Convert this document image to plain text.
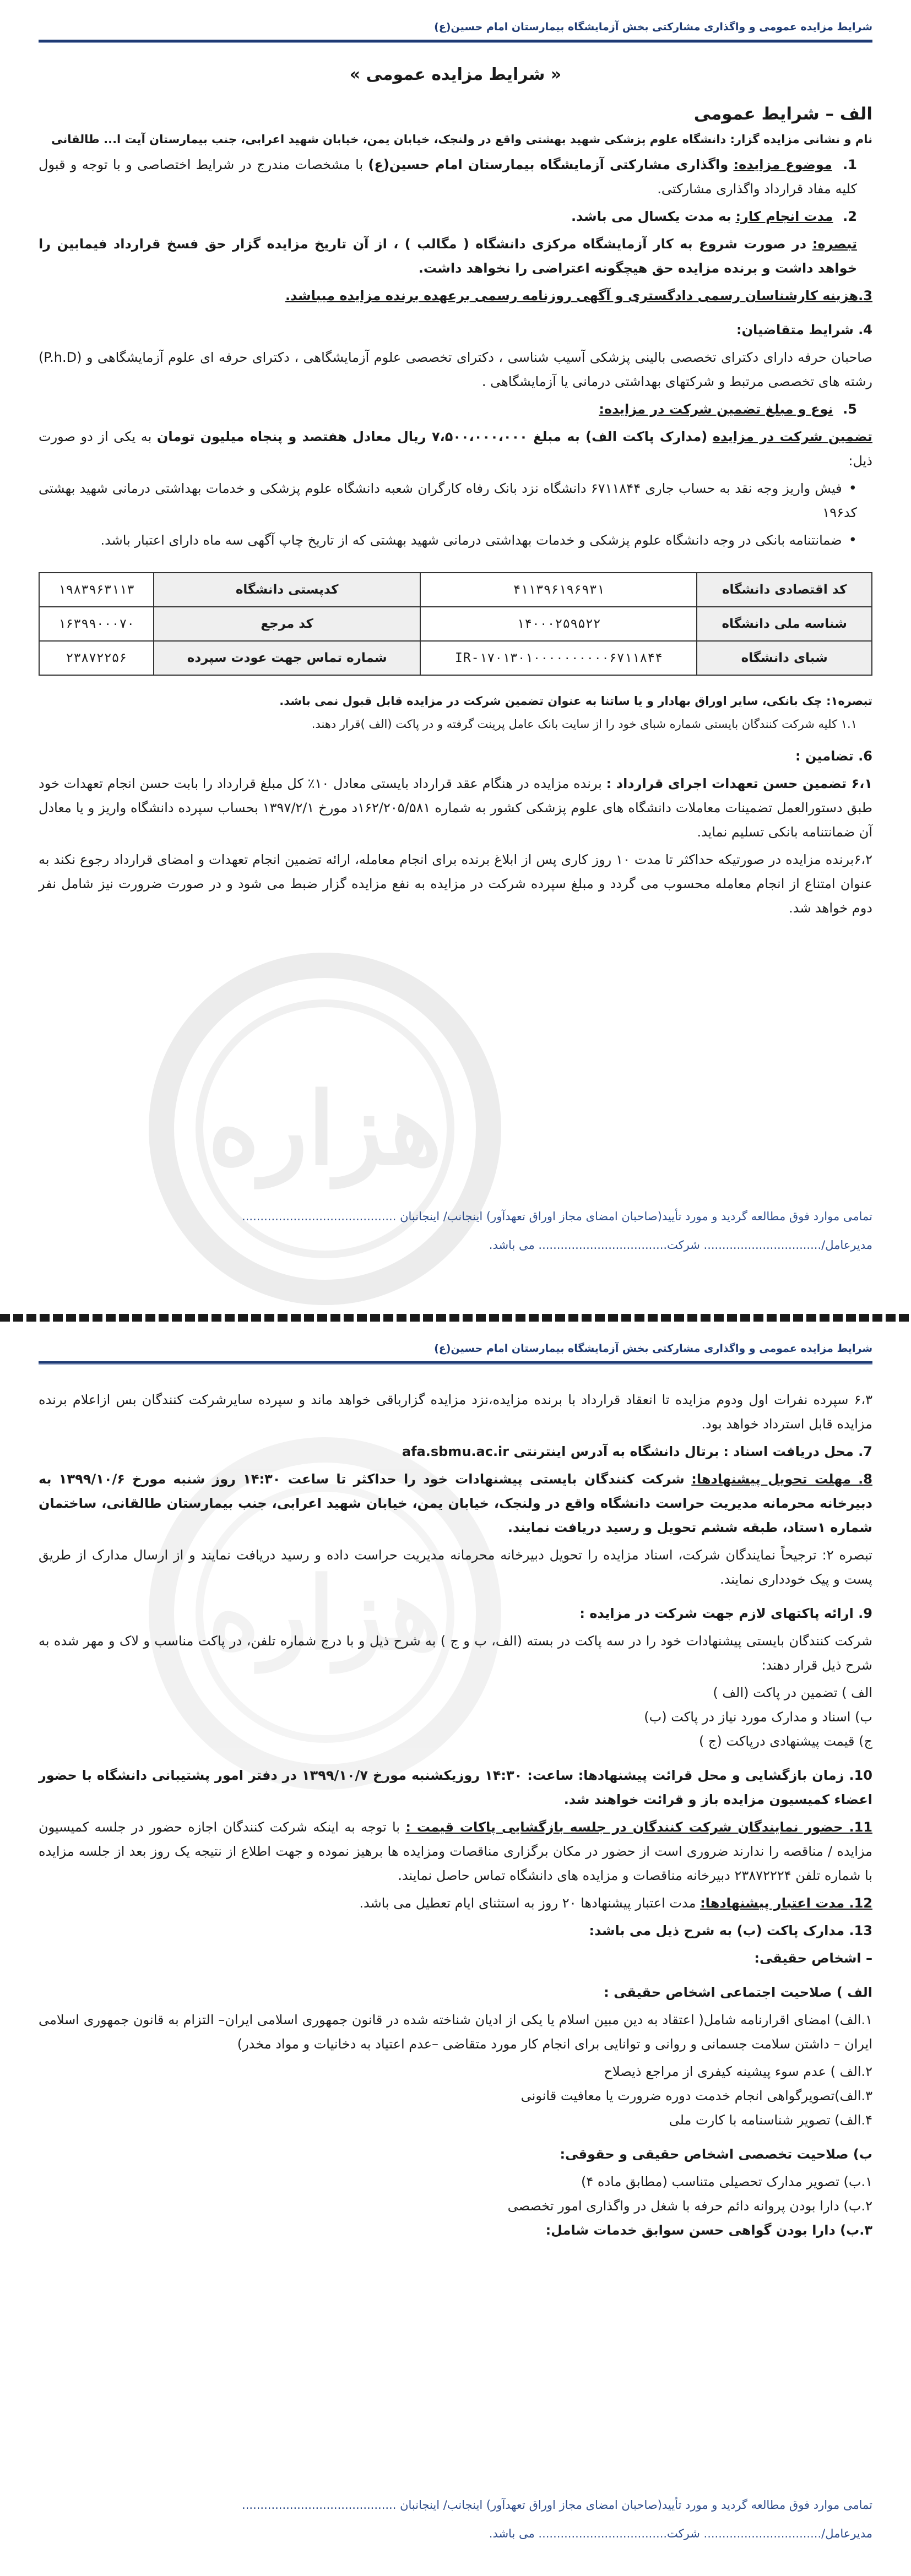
هزاره
شرایط مزایده عمومی و واگذاری مشارکتی بخش آزمایشگاه بیمارستان امام حسین(ع)
« شرایط مزایده عمومی »
الف – شرایط عمومی

نام و نشانی مزایده گزار: دانشگاه علوم پزشکی شهید بهشتی واقع در ولنجک، خیابان یمن، خیابان شهید اعرابی، جنب بیمارستان آیت ا... طالقانی

1. موضوع مزایده: واگذاری مشارکتی آزمایشگاه بیمارستان امام حسین(ع) با مشخصات مندرج در شرایط اختصاصی و با توجه و قبول کلیه مفاد قرارداد واگذاری مشارکتی.

2. مدت انجام کار: به مدت یکسال می باشد.

تبصره: در صورت شروع به کار آزمایشگاه مرکزی دانشگاه ( مگالب ) ، از آن تاریخ مزایده گزار حق فسخ قرارداد فیمابین را خواهد داشت و برنده مزایده حق هیچگونه اعتراضی را نخواهد داشت.

3.هزینه کارشناسان رسمی دادگستری و آگهی روزنامه رسمی برعهده برنده مزایده میباشد.

4. شرایط متقاضیان:

صاحبان حرفه دارای دکترای تخصصی بالینی پزشکی آسیب شناسی ، دکترای تخصصی علوم آزمایشگاهی ، دکترای حرفه ای علوم آزمایشگاهی و (P.h.D) رشته های تخصصی مرتبط و شرکتهای بهداشتی درمانی یا آزمایشگاهی .

5. نوع و مبلغ تضمین شرکت در مزایده:

تضمین شرکت در مزایده (مدارک پاکت الف) به مبلغ ۷،۵۰۰،۰۰۰،۰۰۰ ریال معادل هفتصد و پنجاه میلیون تومان به یکی از دو صورت ذیل:

• فیش واریز وجه نقد به حساب جاری ۶۷۱۱۸۴۴ دانشگاه نزد بانک رفاه کارگران شعبه دانشگاه علوم پزشکی و خدمات بهداشتی درمانی شهید بهشتی کد۱۹۶

• ضمانتنامه بانکی در وجه دانشگاه علوم پزشکی و خدمات بهداشتی درمانی شهید بهشتی که از تاریخ چاپ آگهی سه ماه دارای اعتبار باشد.

کد اقتصادی دانشگاه	۴۱۱۳۹۶۱۹۶۹۳۱	کدپستی دانشگاه	۱۹۸۳۹۶۳۱۱۳
شناسه ملی دانشگاه	۱۴۰۰۰۲۵۹۵۲۲	کد مرجع	۱۶۳۹۹۰۰۰۷۰
شبای دانشگاه	IR-۱۷۰۱۳۰۱۰۰۰۰۰۰۰۰۰۰۶۷۱۱۸۴۴	شماره تماس جهت عودت سپرده	۲۳۸۷۲۲۵۶

تبصره۱: چک بانکی، سایر اوراق بهادار و یا ساتنا به عنوان تضمین شرکت در مزایده قابل قبول نمی باشد.

۱.۱ کلیه شرکت کنندگان بایستی شماره شبای خود را از سایت بانک عامل پرینت گرفته و در پاکت (الف )قرار دهند.

6. تضامین :

۶،۱ تضمین حسن تعهدات اجرای قرارداد : برنده مزایده در هنگام عقد قرارداد بایستی معادل ۱۰٪ کل مبلغ قرارداد را بابت حسن انجام تعهدات خود طبق دستورالعمل تضمینات معاملات دانشگاه های علوم پزشکی کشور به شماره ۱۶۲/۲۰۵/۵۸۱د مورخ ۱۳۹۷/۲/۱ بحساب سپرده دانشگاه واریز و یا معادل آن ضمانتنامه بانکی تسلیم نماید.

۶،۲برنده مزایده در صورتیکه حداکثر تا مدت ۱۰ روز کاری پس از ابلاغ برنده برای انجام معامله، ارائه تضمین انجام تعهدات و امضای قرارداد رجوع نکند به عنوان امتناع از انجام معامله محسوب می گردد و مبلغ سپرده شرکت در مزایده به نفع مزایده گزار ضبط می شود و در صورت ضرورت نیز شامل نفر دوم خواهد شد.

تمامی موارد فوق مطالعه گردید و مورد تأیید(صاحبان امضای مجاز اوراق تعهدآور) اینجانب/ اینجانبان ..........................................
مدیرعامل/................................ شرکت................................... می باشد.
هزاره
شرایط مزایده عمومی و واگذاری مشارکتی بخش آزمایشگاه بیمارستان امام حسین(ع)

۶،۳ سپرده نفرات اول ودوم مزایده تا انعقاد قرارداد با برنده مزایده،نزد مزایده گزارباقی خواهد ماند و سپرده سایرشرکت کنندگان بس ازاعلام برنده مزایده قابل استرداد خواهد بود.

7. محل دریافت اسناد : برتال دانشگاه به آدرس اینترنتی afa.sbmu.ac.ir

8. مهلت تحویل پیشنهادها: شرکت کنندگان بایستی پیشنهادات خود را حداکثر تا ساعت ۱۴:۳۰ روز شنبه مورخ ۱۳۹۹/۱۰/۶ به دبیرخانه محرمانه مدیریت حراست دانشگاه واقع در ولنجک، خیابان یمن، خیابان شهید اعرابی، جنب بیمارستان طالقانی، ساختمان شماره ۱ستاد، طبقه ششم تحویل و رسید دریافت نمایند.

تبصره ۲: ترجیحاً نمایندگان شرکت، اسناد مزایده را تحویل دبیرخانه محرمانه مدیریت حراست داده و رسید دریافت نمایند و از ارسال مدارک از طریق پست و پیک خودداری نمایند.

9. ارائه پاکتهای لازم جهت شرکت در مزایده :

شرکت کنندگان بایستی پیشنهادات خود را در سه پاکت در بسته (الف، ب و ج ) به شرح ذیل و با درج شماره تلفن، در پاکت مناسب و لاک و مهر شده به شرح ذیل قرار دهند:

الف ) تضمین در پاکت (الف )

ب) اسناد و مدارک مورد نیاز در پاکت (ب)

ج) قیمت پیشنهادی درپاکت (ج )

10. زمان بازگشایی و محل قرائت پیشنهادها: ساعت: ۱۴:۳۰ روزیکشنبه مورخ ۱۳۹۹/۱۰/۷ در دفتر امور پشتیبانی دانشگاه با حضور اعضاء کمیسیون مزایده باز و قرائت خواهند شد.

11. حضور نمایندگان شرکت کنندگان در جلسه بازگشایی پاکات قیمت : با توجه به اینکه شرکت کنندگان اجازه حضور در جلسه کمیسیون مزایده / مناقصه را ندارند ضروری است از حضور در مکان برگزاری مناقصات ومزایده ها برهیز نموده و جهت اطلاع از نتیجه یک روز بعد از جلسه مزایده با شماره تلفن ۲۳۸۷۲۲۲۴ دبیرخانه مناقصات و مزایده های دانشگاه تماس حاصل نمایند.

12. مدت اعتبار پیشنهادها: مدت اعتبار پیشنهادها ۲۰ روز به استثنای ایام تعطیل می باشد.

13. مدارک پاکت (ب) به شرح ذیل می باشد:

– اشخاص حقیقی:

الف ) صلاحیت اجتماعی اشخاص حقیقی :

۱.الف) امضای اقرارنامه شامل( اعتقاد به دین مبین اسلام یا یکی از ادیان شناخته شده در قانون جمهوری اسلامی ایران– التزام به قانون جمهوری اسلامی ایران – داشتن سلامت جسمانی و روانی و توانایی برای انجام کار مورد متقاضی –عدم اعتیاد به دخانیات و مواد مخدر)

۲.الف ) عدم سوء پیشینه کیفری از مراجع ذیصلاح

۳.الف)تصویرگواهی انجام خدمت دوره ضرورت یا معافیت قانونی

۴.الف) تصویر شناسنامه با کارت ملی

ب) صلاحیت تخصصی اشخاص حقیقی و حقوقی:

۱.ب) تصویر مدارک تحصیلی متناسب (مطابق ماده ۴)

۲.ب) دارا بودن پروانه دائم حرفه با شغل در واگذاری امور تخصصی

۳.ب) دارا بودن گواهی حسن سوابق خدمات شامل:

تمامی موارد فوق مطالعه گردید و مورد تأیید(صاحبان امضای مجاز اوراق تعهدآور) اینجانب/ اینجانبان ..........................................
مدیرعامل/................................ شرکت................................... می باشد.
